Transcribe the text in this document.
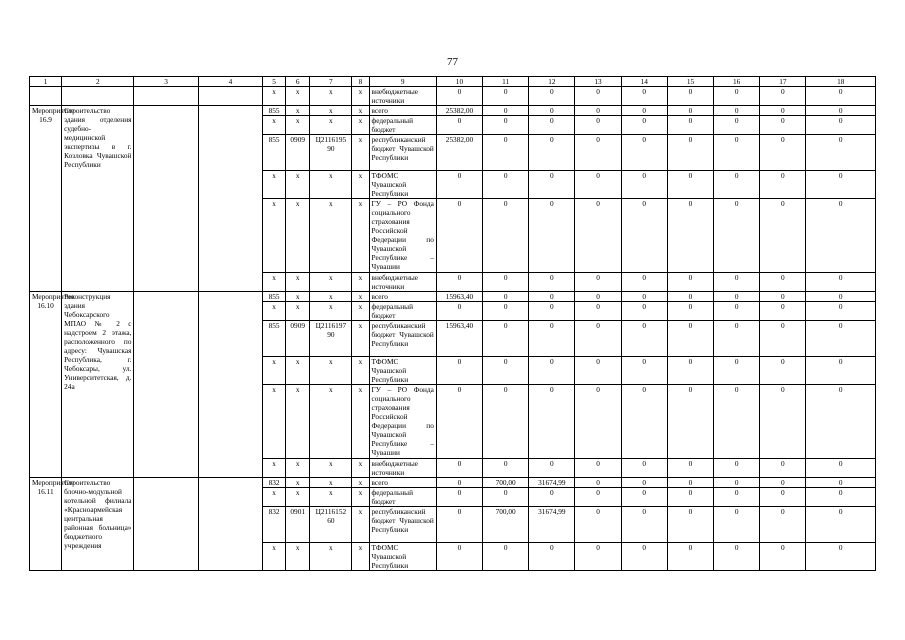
77
1	2	3	4	5	6	7	8	9	10	11	12	13	14	15	16	17	18
				х	х	х	х	внебюджетные источники	0	0	0	0	0	0	0	0	0
Мероприятие 16.9	Строительство здания отделения судебно-медицинской экспертизы в г. Козловка Чувашской Республики			855	х	х	х	всего	25382,00	0	0	0	0	0	0	0	0
				х	х	х	х	федеральный бюджет	0	0	0	0	0	0	0	0	0
				855	0909	Ц2116195 90	х	республиканский бюджет Чувашской Республики	25382,00	0	0	0	0	0	0	0	0
				х	х	х	х	ТФОМС Чувашской Республики	0	0	0	0	0	0	0	0	0
				х	х	х	х	ГУ – РО Фонда социального страхования Российской Федерации по Чувашской Республике – Чувашии	0	0	0	0	0	0	0	0	0
				х	х	х	х	внебюджетные источники	0	0	0	0	0	0	0	0	0
Мероприятие 16.10	Реконструкция здания Чебоксарского МПАО № 2 с надстроем 2 этажа, расположенного по адресу: Чувашская Республика, г. Чебоксары, ул. Университетская, д. 24а			855	х	х	х	всего	15963,40	0	0	0	0	0	0	0	0
				х	х	х	х	федеральный бюджет	0	0	0	0	0	0	0	0	0
				855	0909	Ц2116197 90	х	республиканский бюджет Чувашской Республики	15963,40	0	0	0	0	0	0	0	0
				х	х	х	х	ТФОМС Чувашской Республики	0	0	0	0	0	0	0	0	0
				х	х	х	х	ГУ – РО Фонда социального страхования Российской Федерации по Чувашской Республике – Чувашии	0	0	0	0	0	0	0	0	0
				х	х	х	х	внебюджетные источники	0	0	0	0	0	0	0	0	0
Мероприятие 16.11	Строительство блочно-модульной котельной филиала «Красноармейская центральная районная больница» бюджетного учреждения			832	х	х	х	всего	0	700,00	31674,99	0	0	0	0	0	0
				х	х	х	х	федеральный бюджет	0	0	0	0	0	0	0	0	0
				832	0901	Ц2116152 60	х	республиканский бюджет Чувашской Республики	0	700,00	31674,99	0	0	0	0	0	0
				х	х	х	х	ТФОМС Чувашской Республики	0	0	0	0	0	0	0	0	0
